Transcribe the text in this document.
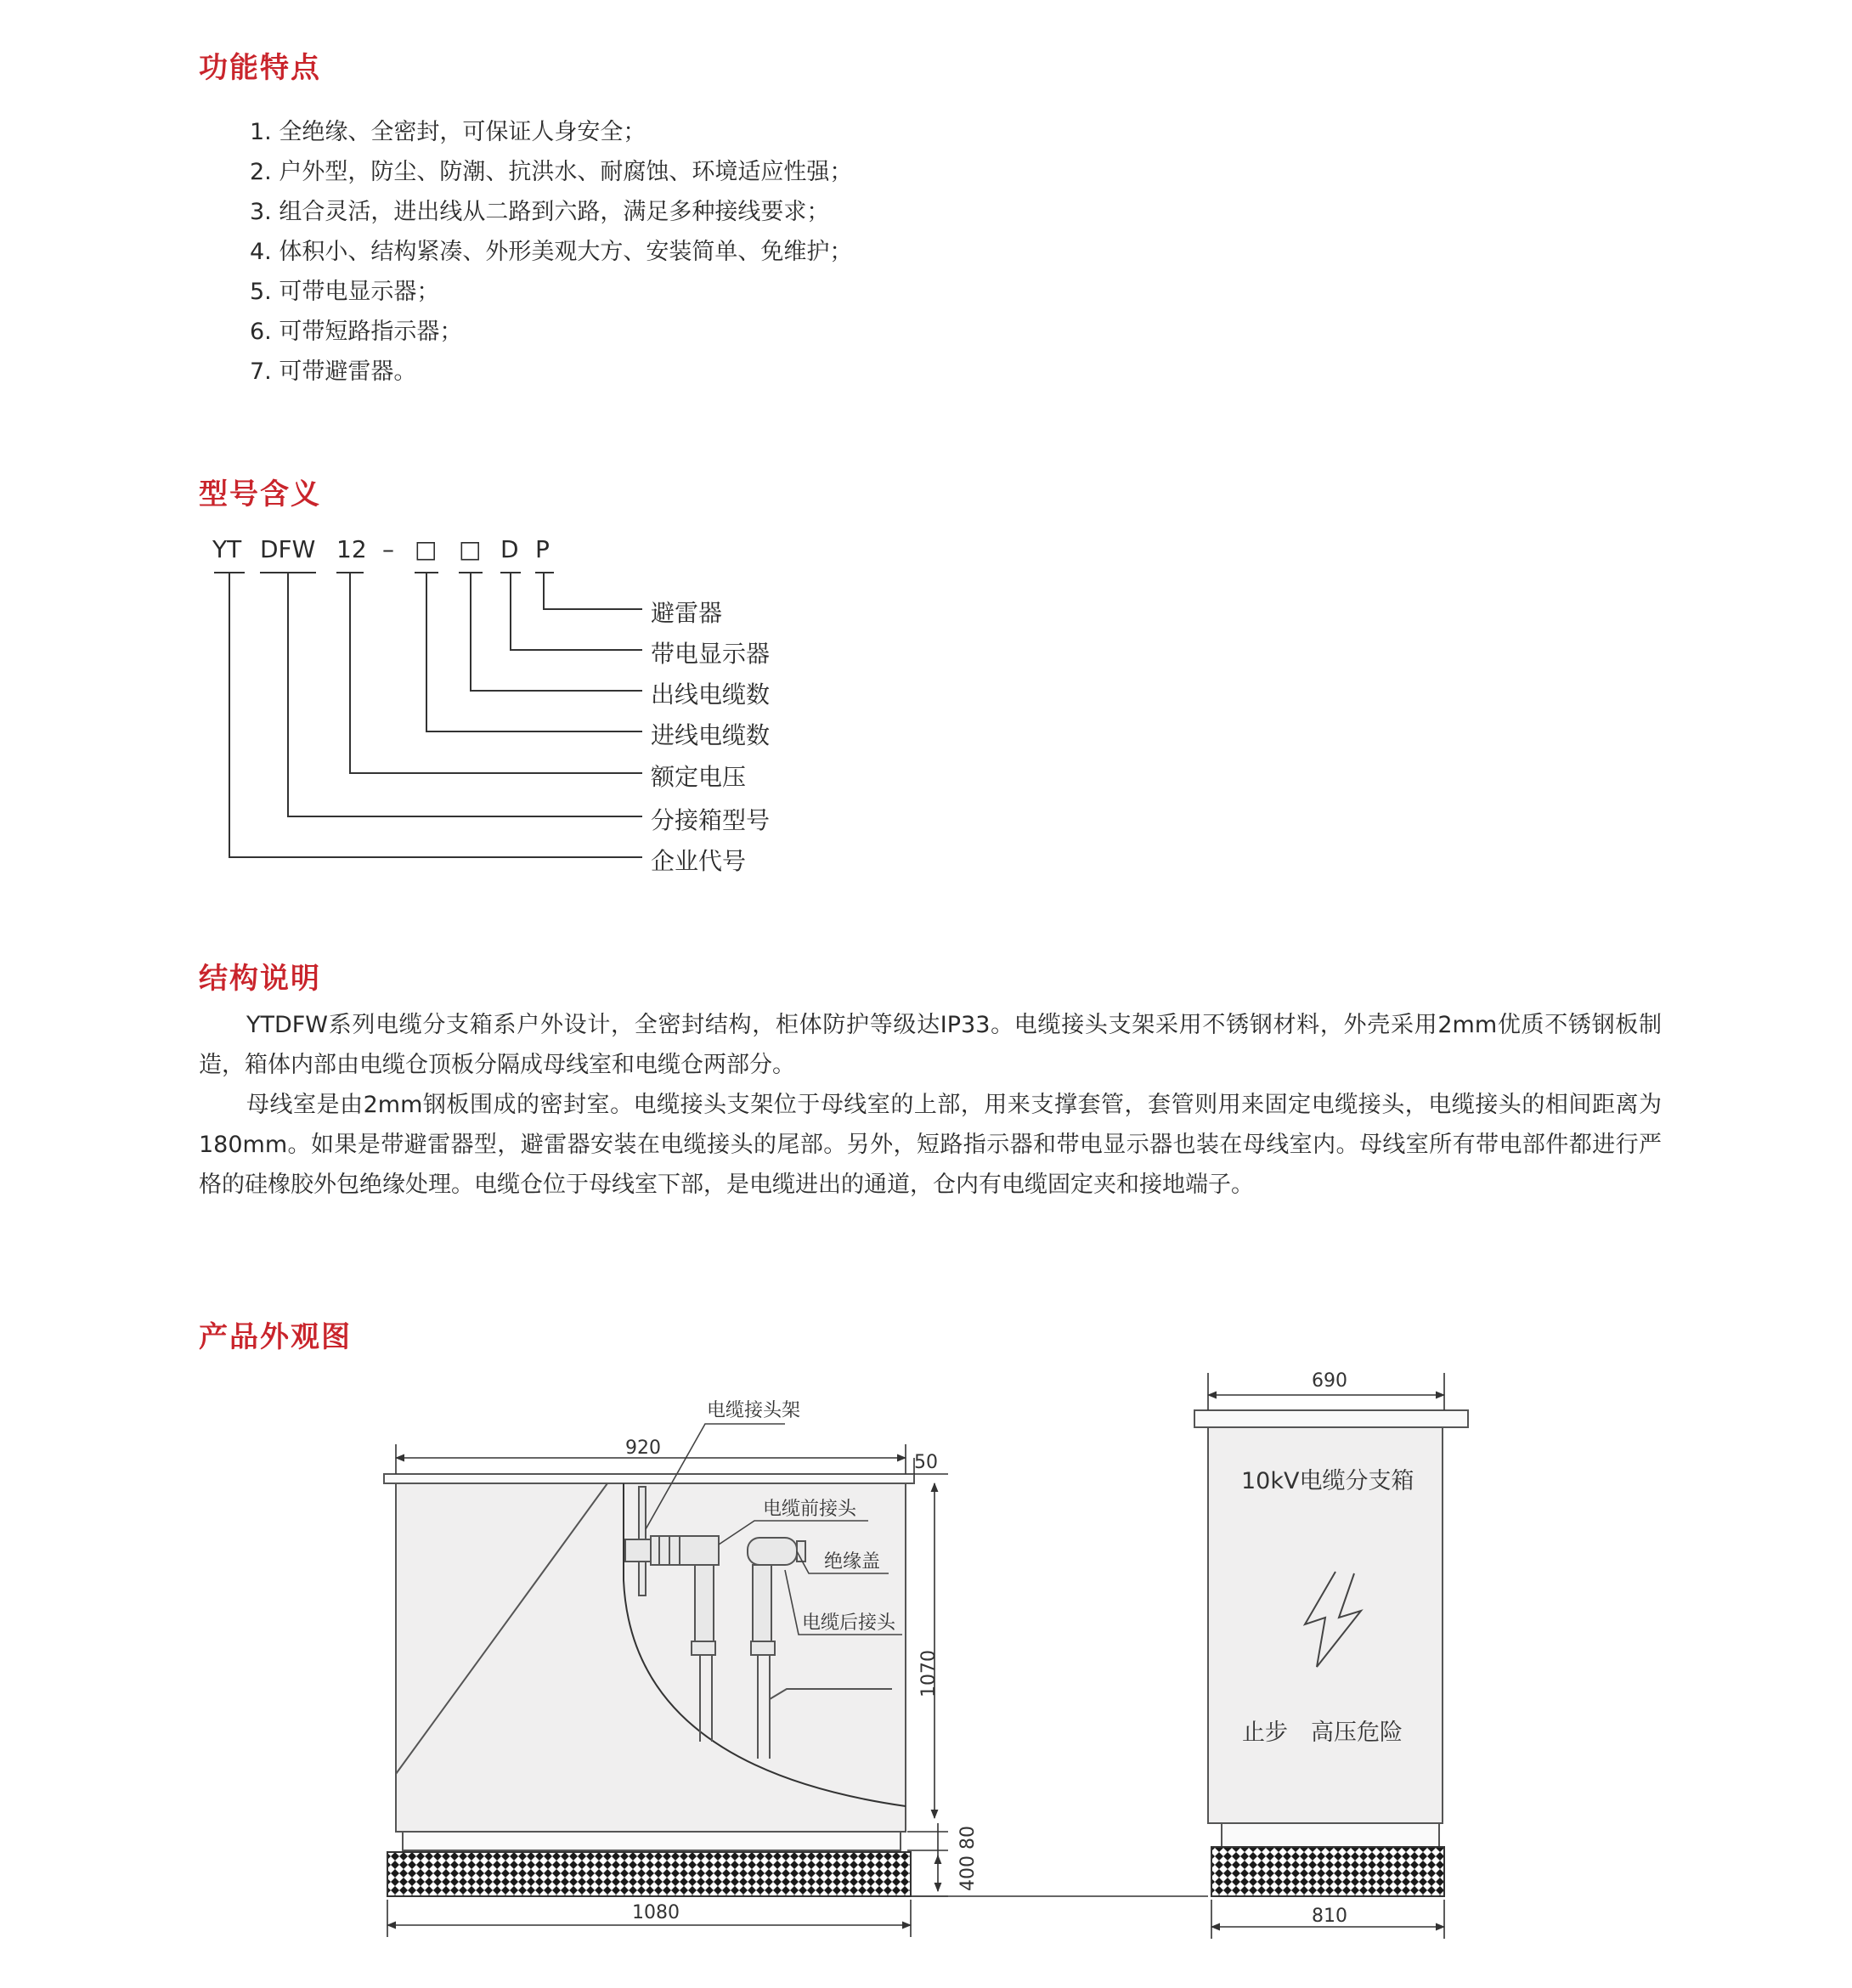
功能特点
1. 全绝缘、全密封，可保证人身安全；
2. 户外型，防尘、防潮、抗洪水、耐腐蚀、环境适应性强；
3. 组合灵活，进出线从二路到六路，满足多种接线要求；
4. 体积小、结构紧凑、外形美观大方、安装简单、免维护；
5. 可带电显示器；
6. 可带短路指示器；
7. 可带避雷器。
型号含义
YT DFW 12 – □ □ D P
避雷器
带电显示器
出线电缆数
进线电缆数
额定电压
分接箱型号
企业代号
结构说明

YTDFW系列电缆分支箱系户外设计，全密封结构，柜体防护等级达IP33。电缆接头支架采用不锈钢材料，外壳采用2mm优质不锈钢板制造，箱体内部由电缆仓顶板分隔成母线室和电缆仓两部分。

母线室是由2mm钢板围成的密封室。电缆接头支架位于母线室的上部，用来支撑套管，套管则用来固定电缆接头，电缆接头的相间距离为180mm。如果是带避雷器型，避雷器安装在电缆接头的尾部。另外，短路指示器和带电显示器也装在母线室内。母线室所有带电部件都进行严格的硅橡胶外包绝缘处理。电缆仓位于母线室下部，是电缆进出的通道，仓内有电缆固定夹和接地端子。

产品外观图
电缆接头架
电缆前接头
绝缘盖
电缆后接头
920
50
1070
400 80
1080
10kV电缆分支箱
止步　高压危险
690
810
